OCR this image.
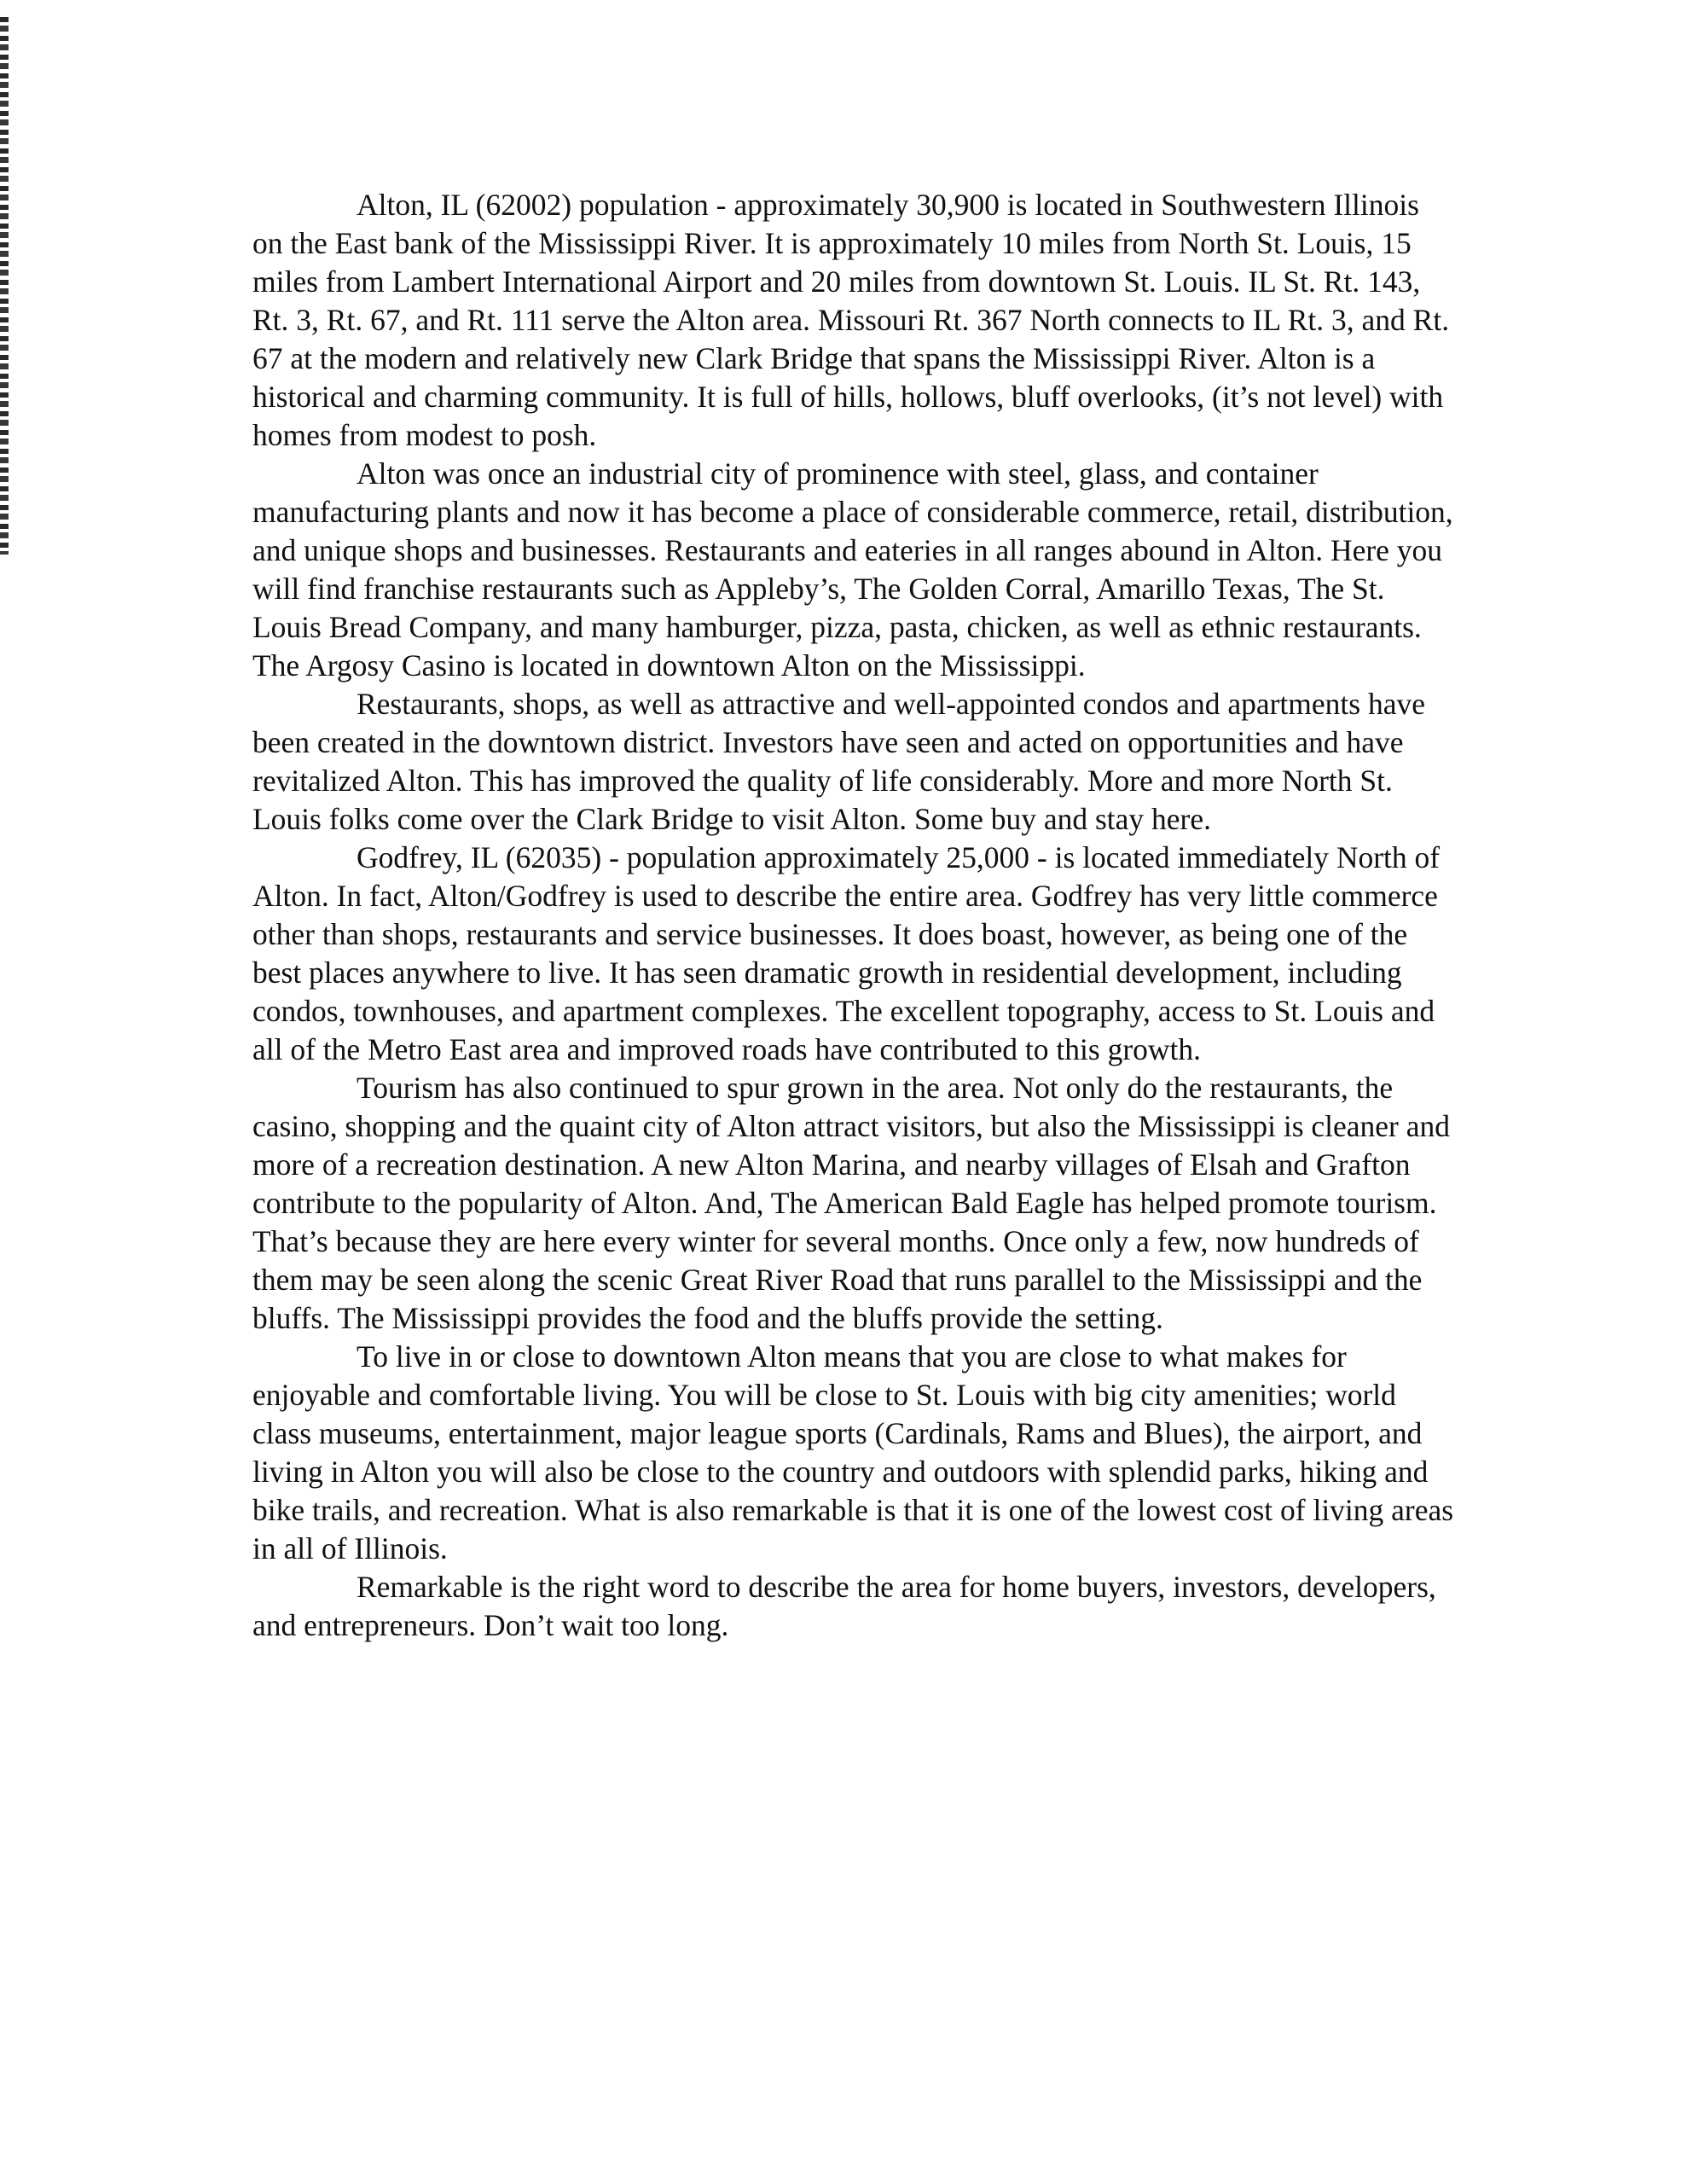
Alton, IL (62002) population - approximately 30,900 is located in Southwestern Illinois on the East bank of the Mississippi River. It is approximately 10 miles from North St. Louis, 15 miles from Lambert International Airport and 20 miles from downtown St. Louis. IL St. Rt. 143, Rt. 3, Rt. 67, and Rt. 111 serve the Alton area. Missouri Rt. 367 North connects to IL Rt. 3, and Rt. 67 at the modern and relatively new Clark Bridge that spans the Mississippi River. Alton is a historical and charming community. It is full of hills, hollows, bluff overlooks, (it’s not level) with homes from modest to posh.

Alton was once an industrial city of prominence with steel, glass, and container manufacturing plants and now it has become a place of considerable commerce, retail, distribution, and unique shops and businesses. Restaurants and eateries in all ranges abound in Alton. Here you will find franchise restaurants such as Appleby’s, The Golden Corral, Amarillo Texas, The St. Louis Bread Company, and many hamburger, pizza, pasta, chicken, as well as ethnic restaurants. The Argosy Casino is located in downtown Alton on the Mississippi.

Restaurants, shops, as well as attractive and well-appointed condos and apartments have been created in the downtown district. Investors have seen and acted on opportunities and have revitalized Alton. This has improved the quality of life considerably. More and more North St. Louis folks come over the Clark Bridge to visit Alton. Some buy and stay here.

Godfrey, IL (62035) - population approximately 25,000 - is located immediately North of Alton. In fact, Alton/Godfrey is used to describe the entire area. Godfrey has very little commerce other than shops, restaurants and service businesses. It does boast, however, as being one of the best places anywhere to live. It has seen dramatic growth in residential development, including condos, townhouses, and apartment complexes. The excellent topography, access to St. Louis and all of the Metro East area and improved roads have contributed to this growth.

Tourism has also continued to spur grown in the area. Not only do the restaurants, the casino, shopping and the quaint city of Alton attract visitors, but also the Mississippi is cleaner and more of a recreation destination. A new Alton Marina, and nearby villages of Elsah and Grafton contribute to the popularity of Alton. And, The American Bald Eagle has helped promote tourism. That’s because they are here every winter for several months. Once only a few, now hundreds of them may be seen along the scenic Great River Road that runs parallel to the Mississippi and the bluffs. The Mississippi provides the food and the bluffs provide the setting.

To live in or close to downtown Alton means that you are close to what makes for enjoyable and comfortable living. You will be close to St. Louis with big city amenities; world class museums, entertainment, major league sports (Cardinals, Rams and Blues), the airport, and living in Alton you will also be close to the country and outdoors with splendid parks, hiking and bike trails, and recreation. What is also remarkable is that it is one of the lowest cost of living areas in all of Illinois.

Remarkable is the right word to describe the area for home buyers, investors, developers, and entrepreneurs. Don’t wait too long.
